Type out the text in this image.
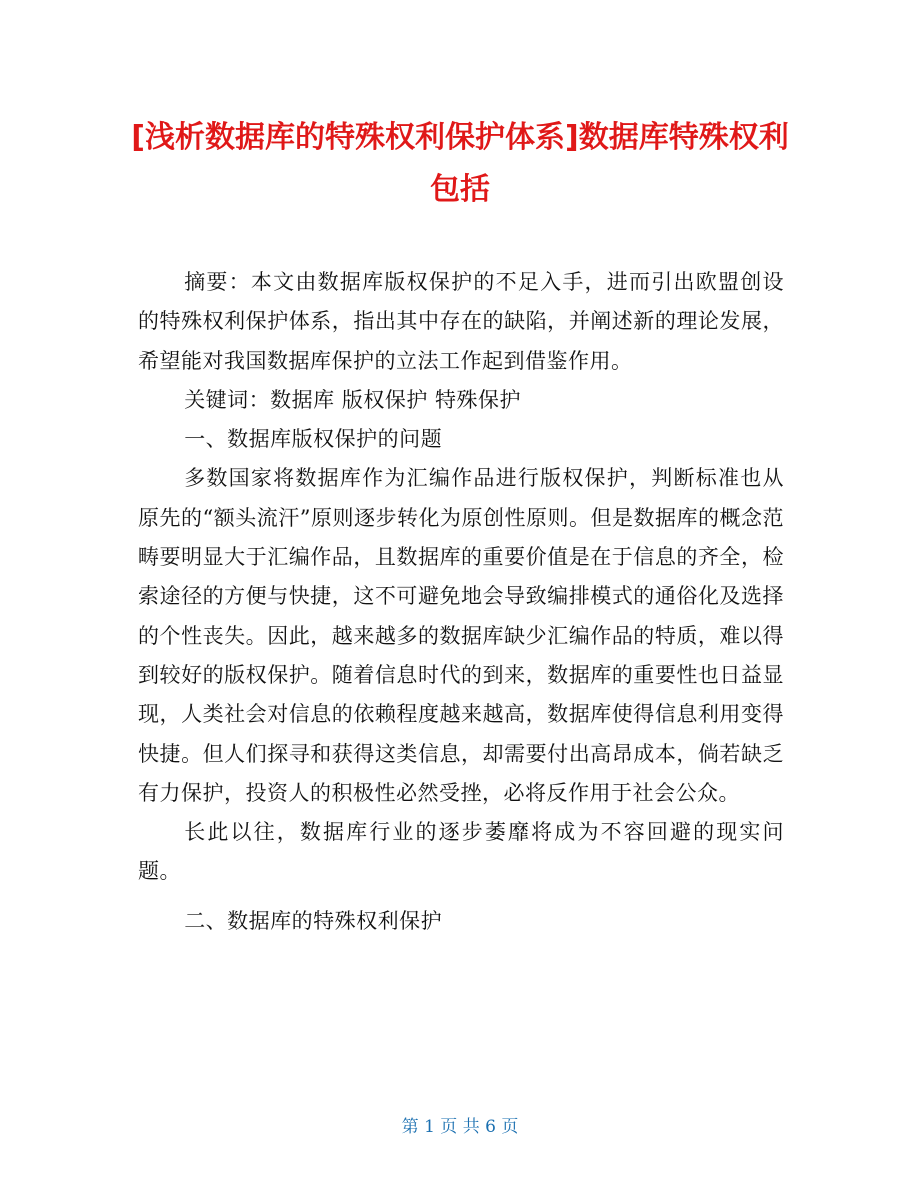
[浅析数据库的特殊权利保护体系]数据库特殊权利包括

摘要：本文由数据库版权保护的不足入手，进而引出欧盟创设的特殊权利保护体系，指出其中存在的缺陷，并阐述新的理论发展，希望能对我国数据库保护的立法工作起到借鉴作用。

关键词：数据库 版权保护 特殊保护

一、数据库版权保护的问题

多数国家将数据库作为汇编作品进行版权保护，判断标准也从原先的“额头流汗”原则逐步转化为原创性原则。但是数据库的概念范畴要明显大于汇编作品，且数据库的重要价值是在于信息的齐全，检索途径的方便与快捷，这不可避免地会导致编排模式的通俗化及选择的个性丧失。因此，越来越多的数据库缺少汇编作品的特质，难以得到较好的版权保护。随着信息时代的到来，数据库的重要性也日益显现，人类社会对信息的依赖程度越来越高，数据库使得信息利用变得快捷。但人们探寻和获得这类信息，却需要付出高昂成本，倘若缺乏有力保护，投资人的积极性必然受挫，必将反作用于社会公众。

长此以往，数据库行业的逐步萎靡将成为不容回避的现实问题。

二、数据库的特殊权利保护

第 1 页 共 6 页
